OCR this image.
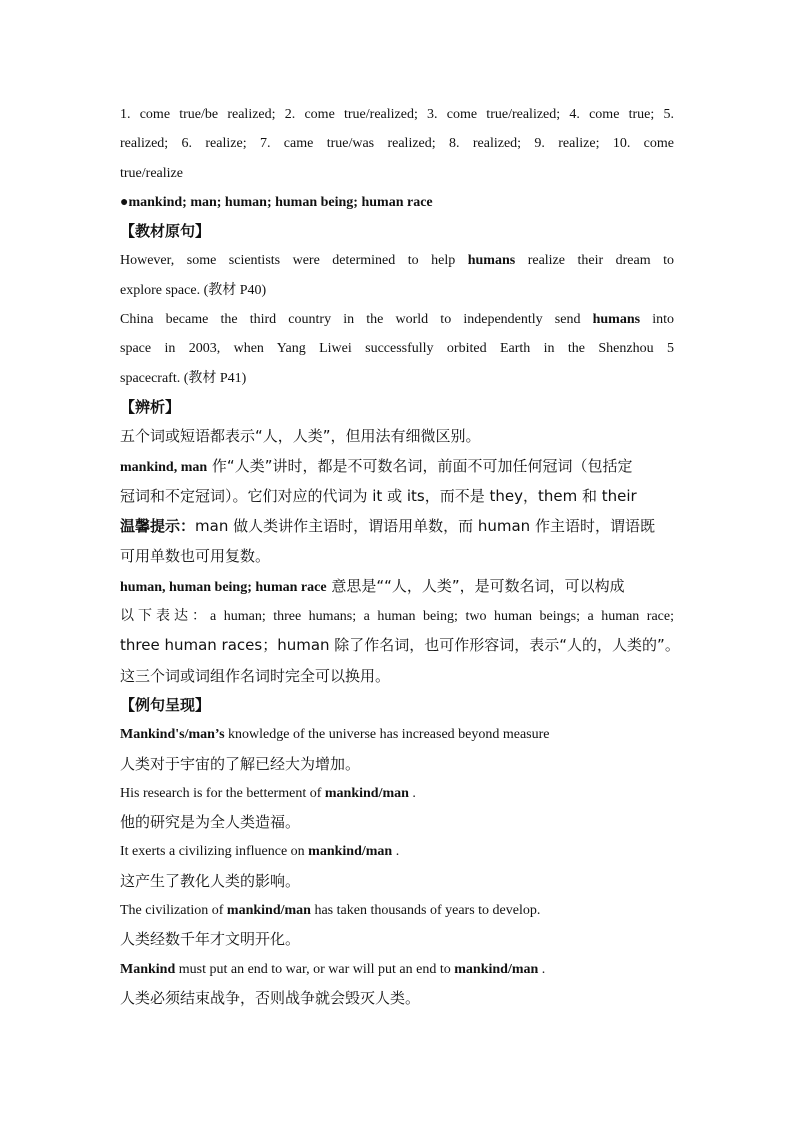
1. come true/be realized; 2. come true/realized; 3. come true/realized; 4. come true; 5.
realized; 6. realize; 7. came true/was realized; 8. realized; 9. realize; 10. come
true/realize
●mankind; man; human; human being; human race
【教材原句】
However, some scientists were determined to help humans realize their dream to
explore space. (教材 P40)
China became the third country in the world to independently send humans into
space in 2003, when Yang Liwei successfully orbited Earth in the Shenzhou 5
spacecraft. (教材 P41)
【辨析】
五个词或短语都表示“人，人类”，但用法有细微区别。
mankind, man 作“人类”讲时，都是不可数名词，前面不可加任何冠词（包括定
冠词和不定冠词）。它们对应的代词为 it 或 its，而不是 they，them 和 their
温馨提示：man 做人类讲作主语时，谓语用单数，而 human 作主语时，谓语既
可用单数也可用复数。
human, human being; human race 意思是““人，人类”，是可数名词，可以构成
以下表达：a human; three humans; a human being; two human beings; a human race;
three human races；human 除了作名词，也可作形容词，表示“人的，人类的”。
这三个词或词组作名词时完全可以换用。
【例句呈现】
Mankind's/man’s knowledge of the universe has increased beyond measure
人类对于宇宙的了解已经大为增加。
His research is for the betterment of mankind/man .
他的研究是为全人类造福。
It exerts a civilizing influence on mankind/man .
这产生了教化人类的影响。
The civilization of mankind/man has taken thousands of years to develop.
人类经数千年才文明开化。
Mankind must put an end to war, or war will put an end to mankind/man .
人类必须结束战争，否则战争就会毁灭人类。
